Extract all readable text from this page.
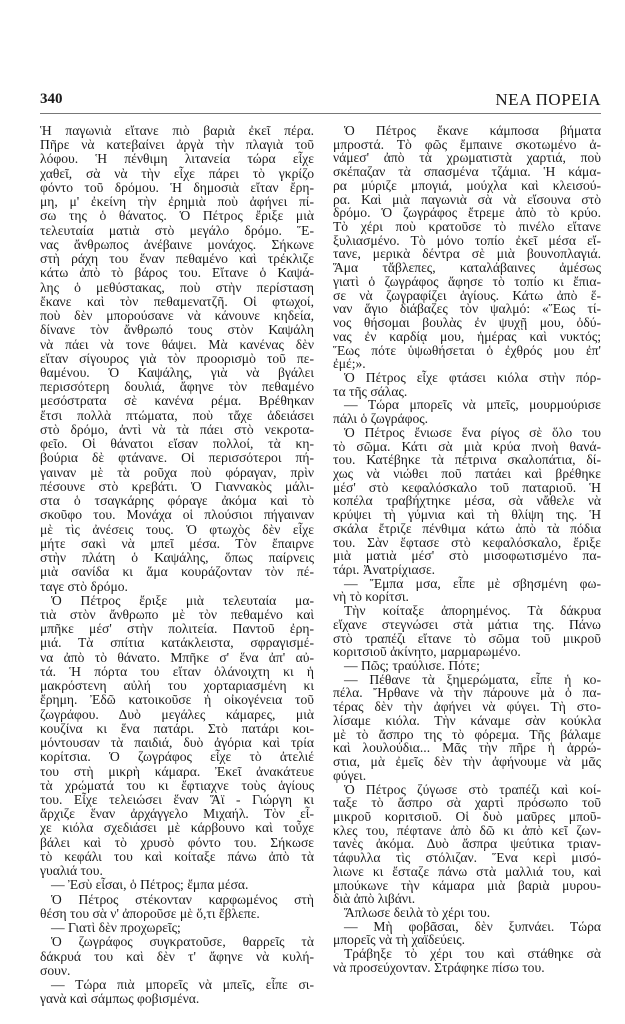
340	ΝΕΑ ΠΟΡΕΙΑ
Ἡ παγωνιὰ εἴτανε πιὸ βαριὰ ἐκεῖ πέρα.
Πῆρε νὰ κατεβαίνει ἀργὰ τὴν πλαγιὰ τοῦ
λόφου. Ἡ πένθιμη λιτανεία τώρα εἶχε
χαθεῖ, σὰ νὰ τὴν εἶχε πάρει τὸ γκρίζο
φόντο τοῦ δρόμου. Ἡ δημοσιὰ εἴταν ἔρη-
μη, μ' ἐκείνη τὴν ἐρημιὰ ποὺ ἀφήνει πί-
σω της ὁ θάνατος. Ὁ Πέτρος ἔριξε μιὰ
τελευταία ματιὰ στὸ μεγάλο δρόμο. Ἕ-
νας ἄνθρωπος ἀνέβαινε μονάχος. Σήκωνε
στὴ ράχη του ἕναν πεθαμένο καὶ τρέκλιζε
κάτω ἀπὸ τὸ βάρος του. Εἴτανε ὁ Καψά-
λης ὁ μεθύστακας, ποὺ στὴν περίσταση
ἔκανε καὶ τὸν πεθαμενατζῆ. Οἱ φτωχοί,
ποὺ δὲν μπορούσανε νὰ κάνουνε κηδεία,
δίνανε τὸν ἄνθρωπό τους στὸν Καψάλη
νὰ πάει νὰ τονε θάψει. Μὰ κανένας δὲν
εἴταν σίγουρος γιὰ τὸν προορισμὸ τοῦ πε-
θαμένου. Ὁ Καψάλης, γιὰ νὰ βγάλει
περισσότερη δουλιά, ἄφηνε τὸν πεθαμένο
μεσόστρατα σὲ κανένα ρέμα. Βρέθηκαν
ἔτσι πολλὰ πτώματα, ποὺ τἄχε ἀδειάσει
στὸ δρόμο, ἀντὶ νὰ τὰ πάει στὸ νεκροτα-
φεῖο. Οἱ θάνατοι εἴσαν πολλοί, τὰ κη-
βούρια δὲ φτάνανε. Οἱ περισσότεροι πή-
γαιναν μὲ τὰ ροῦχα ποὺ φόραγαν, πρὶν
πέσουνε στὸ κρεβάτι. Ὁ Γιαννακὸς μάλι-
στα ὁ τσαγκάρης φόραγε ἀκόμα καὶ τὸ
σκοῦφο του. Μονάχα οἱ πλούσιοι πήγαιναν
μὲ τὶς ἀνέσεις τους. Ὁ φτωχὸς δὲν εἶχε
μήτε σακὶ νὰ μπεῖ μέσα. Τὸν ἔπαιρνε
στὴν πλάτη ὁ Καψάλης, ὅπως παίρνεις
μιὰ σανίδα κι ἅμα κουράζονταν τὸν πέ-
ταγε στὸ δρόμο.
Ὁ Πέτρος ἔριξε μιὰ τελευταία μα-
τιὰ στὸν ἄνθρωπο μὲ τὸν πεθαμένο καὶ
μπῆκε μέσ' στὴν πολιτεία. Παντοῦ ἐρη-
μιά. Τὰ σπίτια κατάκλειστα, σφραγισμέ-
να ἀπὸ τὸ θάνατο. Μπῆκε σ' ἕνα ἀπ' αὐ-
τά. Ἡ πόρτα του εἴταν ὀλάνοιχτη κι ἡ
μακρόστενη αὐλή του χορταριασμένη κι
ἔρημη. Ἐδῶ κατοικοῦσε ἡ οἰκογένεια τοῦ
ζωγράφου. Δυὸ μεγάλες κάμαρες, μιὰ
κουζίνα κι ἕνα πατάρι. Στὸ πατάρι κοι-
μόντουσαν τὰ παιδιά, δυὸ ἀγόρια καὶ τρία
κορίτσια. Ὁ ζωγράφος εἶχε τὸ ἀτελιέ
του στὴ μικρὴ κάμαρα. Ἐκεῖ ἀνακάτευε
τὰ χρώματά του κι ἔφτιαχνε τοὺς ἁγίους
του. Εἶχε τελειώσει ἕναν Ἅϊ - Γιώργη κι
ἄρχιζε ἕναν ἀρχάγγελο Μιχαήλ. Τὸν εἶ-
χε κιόλα σχεδιάσει μὲ κάρβουνο καὶ τοὖχε
βάλει καὶ τὸ χρυσὸ φόντο του. Σήκωσε
τὸ κεφάλι του καὶ κοίταξε πάνω ἀπὸ τὰ
γυαλιά του.
— Ἐσὺ εἶσαι, ὁ Πέτρος; ἔμπα μέσα.
Ὁ Πέτρος στέκονταν καρφωμένος στὴ
θέση του σὰ ν' ἀποροῦσε μὲ ὅ,τι ἔβλεπε.
— Γιατὶ δὲν προχωρεῖς;
Ὁ ζωγράφος συγκρατοῦσε, θαρρεῖς τὰ
δάκρυά του καὶ δὲν τ' ἄφηνε νὰ κυλή-
σουν.
— Τώρα πιὰ μπορεῖς νὰ μπεῖς, εἶπε σι-
γανὰ καὶ σάμπως φοβισμένα.
Ὁ Πέτρος ἔκανε κάμποσα βήματα
μπροστά. Τὸ φῶς ἔμπαινε σκοτωμένο ἀ-
νάμεσ' ἀπὸ τὰ χρωματιστὰ χαρτιά, ποὺ
σκέπαζαν τὰ σπασμένα τζάμια. Ἡ κάμα-
ρα μύριζε μπογιά, μούχλα καὶ κλεισού-
ρα. Καὶ μιὰ παγωνιὰ σὰ νὰ εἴσουνα στὸ
δρόμο. Ὁ ζωγράφος ἔτρεμε ἀπὸ τὸ κρύο.
Τὸ χέρι ποὺ κρατοῦσε τὸ πινέλο εἴτανε
ξυλιασμένο. Τὸ μόνο τοπίο ἐκεῖ μέσα εἴ-
τανε, μερικὰ δέντρα σὲ μιὰ βουνοπλαγιά.
Ἅμα τἄβλεπες, καταλάβαινες ἀμέσως
γιατὶ ὁ ζωγράφος ἄφησε τὸ τοπίο κι ἔπια-
σε νὰ ζωγραφίζει ἁγίους. Κάτω ἀπὸ ἕ-
ναν ἅγιο διάβαζες τὸν ψαλμό: «Ἕως τί-
νος θήσομαι βουλὰς ἐν ψυχῇ μου, ὀδύ-
νας ἐν καρδίᾳ μου, ἡμέρας καὶ νυκτός;
Ἕως πότε ὑψωθήσεται ὁ ἐχθρός μου ἐπ'
ἐμέ;».
Ὁ Πέτρος εἶχε φτάσει κιόλα στὴν πόρ-
τα τῆς σάλας.
— Τώρα μπορεῖς νὰ μπεῖς, μουρμούρισε
πάλι ὁ ζωγράφος.
Ὁ Πέτρος ἔνιωσε ἕνα ρίγος σὲ ὅλο του
τὸ σῶμα. Κάτι σὰ μιὰ κρύα πνοὴ θανά-
του. Κατέβηκε τὰ πέτρινα σκαλοπάτια, δί-
χως νὰ νιώθει ποῦ πατάει καὶ βρέθηκε
μέσ' στὸ κεφαλόσκαλο τοῦ παταριοῦ. Ἡ
κοπέλα τραβήχτηκε μέσα, σὰ νἄθελε νὰ
κρύψει τὴ γύμνια καὶ τὴ θλίψη της. Ἡ
σκάλα ἔτριζε πένθιμα κάτω ἀπὸ τὰ πόδια
του. Σὰν ἔφτασε στὸ κεφαλόσκαλο, ἔριξε
μιὰ ματιὰ μέσ' στὸ μισοφωτισμένο πα-
τάρι. Ἀνατρίχιασε.
— Ἔμπα μσα, εἶπε μὲ σβησμένη φω-
νὴ τὸ κορίτσι.
Τὴν κοίταξε ἀπορημένος. Τὰ δάκρυα
εἴχανε στεγνώσει στὰ μάτια της. Πάνω
στὸ τραπέζι εἴτανε τὸ σῶμα τοῦ μικροῦ
κοριτσιοῦ ἀκίνητο, μαρμαρωμένο.
— Πῶς; τραύλισε. Πότε;
— Πέθανε τὰ ξημερώματα, εἶπε ἡ κο-
πέλα. Ἤρθανε νὰ τὴν πάρουνε μὰ ὁ πα-
τέρας δὲν τὴν ἀφήνει νὰ φύγει. Τὴ στο-
λίσαμε κιόλα. Τὴν κάναμε σὰν κούκλα
μὲ τὸ ἄσπρο της τὸ φόρεμα. Τῆς βάλαμε
καὶ λουλούδια... Μᾶς τὴν πῆρε ἡ ἀρρώ-
στια, μὰ ἐμεῖς δὲν τὴν ἀφήνουμε νὰ μᾶς
φύγει.
Ὁ Πέτρος ζύγωσε στὸ τραπέζι καὶ κοί-
ταξε τὸ ἄσπρο σὰ χαρτὶ πρόσωπο τοῦ
μικροῦ κοριτσιοῦ. Οἱ δυὸ μαῦρες μποῦ-
κλες του, πέφτανε ἀπὸ δῶ κι ἀπὸ κεῖ ζων-
τανὲς ἀκόμα. Δυὸ ἄσπρα ψεύτικα τριαν-
τάφυλλα τὶς στόλιζαν. Ἕνα κερὶ μισό-
λιωνε κι ἔσταζε πάνω στὰ μαλλιά του, καὶ
μπούκωνε τὴν κάμαρα μιὰ βαριὰ μυρου-
διὰ ἀπὸ λιβάνι.
Ἅπλωσε δειλὰ τὸ χέρι του.
— Μὴ φοβᾶσαι, δὲν ξυπνάει. Τώρα
μπορεῖς νὰ τὴ χαϊδεύεις.
Τράβηξε τὸ χέρι του καὶ στάθηκε σὰ
νὰ προσεύχονταν. Στράφηκε πίσω του.
